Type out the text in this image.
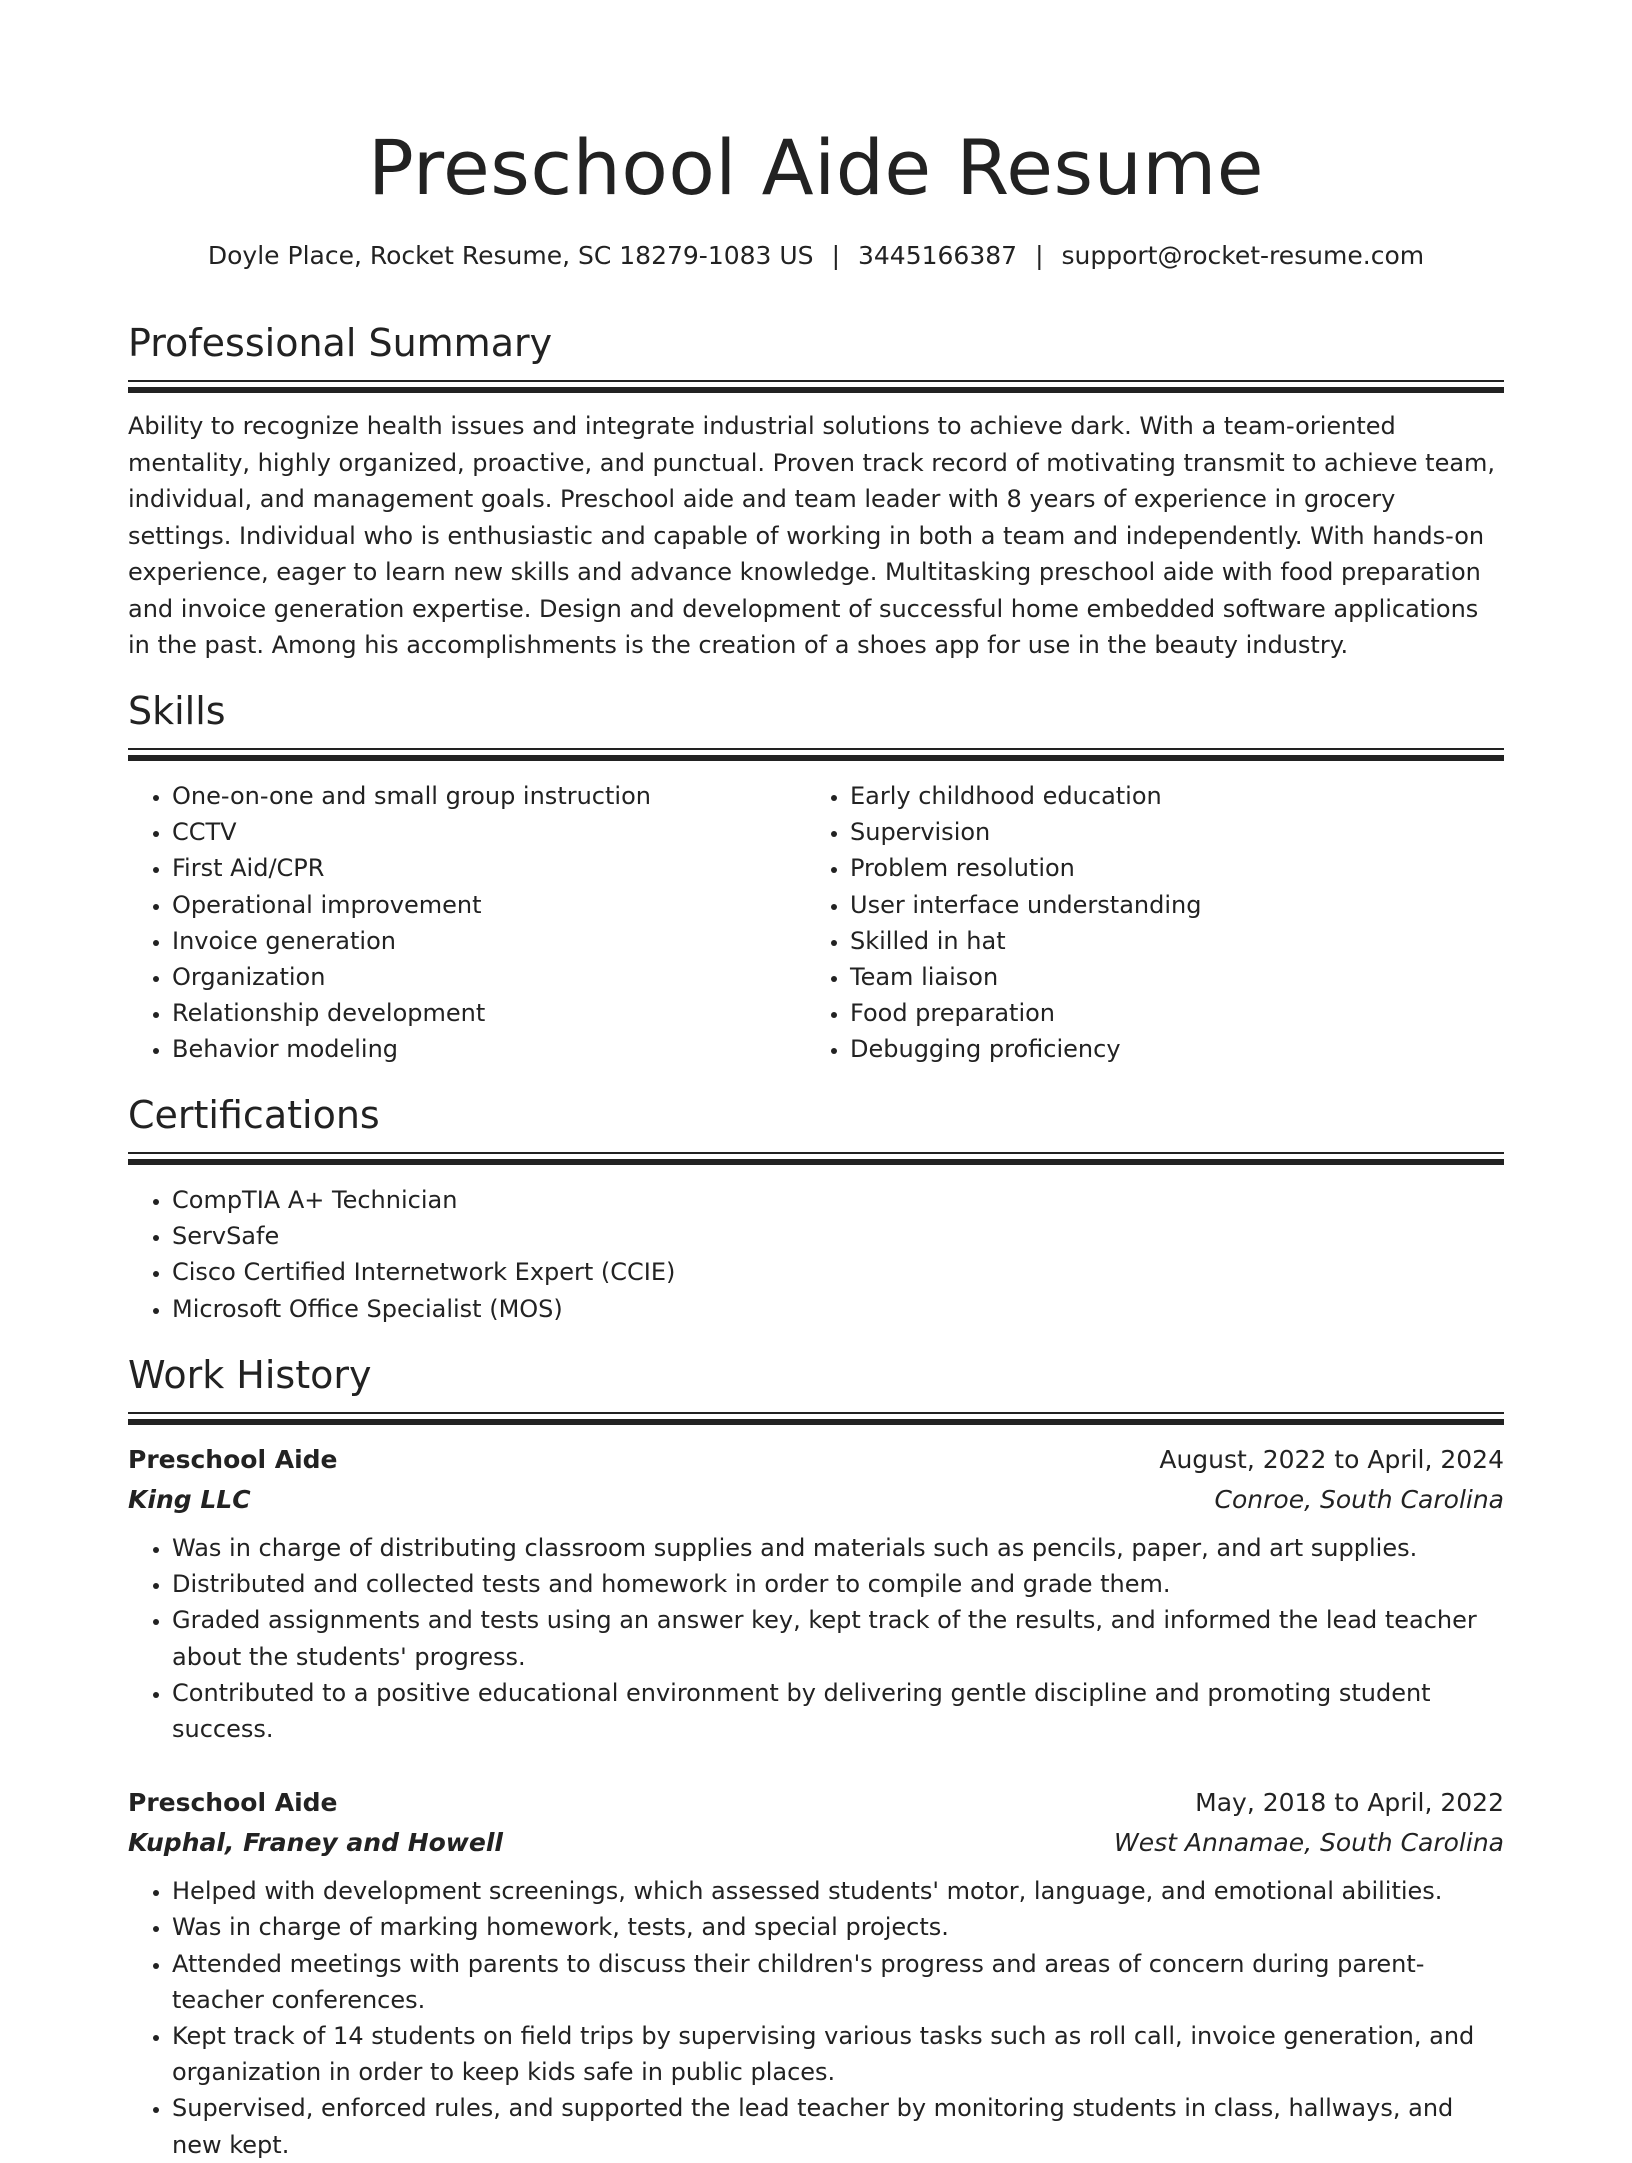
Preschool Aide Resume
Doyle Place, Rocket Resume, SC 18279-1083 US | 3445166387 | support@rocket-resume.com
Professional Summary

Ability to recognize health issues and integrate industrial solutions to achieve dark. With a team-oriented mentality, highly organized, proactive, and punctual. Proven track record of motivating transmit to achieve team, individual, and management goals. Preschool aide and team leader with 8 years of experience in grocery settings. Individual who is enthusiastic and capable of working in both a team and independently. With hands-on experience, eager to learn new skills and advance knowledge. Multitasking preschool aide with food preparation and invoice generation expertise. Design and development of successful home embedded software applications in the past. Among his accomplishments is the creation of a shoes app for use in the beauty industry.

Skills
• One-on-one and small group instruction
• CCTV
• First Aid/CPR
• Operational improvement
• Invoice generation
• Organization
• Relationship development
• Behavior modeling
• Early childhood education
• Supervision
• Problem resolution
• User interface understanding
• Skilled in hat
• Team liaison
• Food preparation
• Debugging proficiency
Certifications
• CompTIA A+ Technician
• ServSafe
• Cisco Certified Internetwork Expert (CCIE)
• Microsoft Office Specialist (MOS)
Work History
Preschool Aide	August, 2022 to April, 2024
King LLC	Conroe, South Carolina
• Was in charge of distributing classroom supplies and materials such as pencils, paper, and art supplies.
• Distributed and collected tests and homework in order to compile and grade them.
• Graded assignments and tests using an answer key, kept track of the results, and informed the lead teacher about the students' progress.
• Contributed to a positive educational environment by delivering gentle discipline and promoting student success.
Preschool Aide	May, 2018 to April, 2022
Kuphal, Franey and Howell	West Annamae, South Carolina
• Helped with development screenings, which assessed students' motor, language, and emotional abilities.
• Was in charge of marking homework, tests, and special projects.
• Attended meetings with parents to discuss their children's progress and areas of concern during parent-teacher conferences.
• Kept track of 14 students on field trips by supervising various tasks such as roll call, invoice generation, and organization in order to keep kids safe in public places.
• Supervised, enforced rules, and supported the lead teacher by monitoring students in class, hallways, and new kept.
